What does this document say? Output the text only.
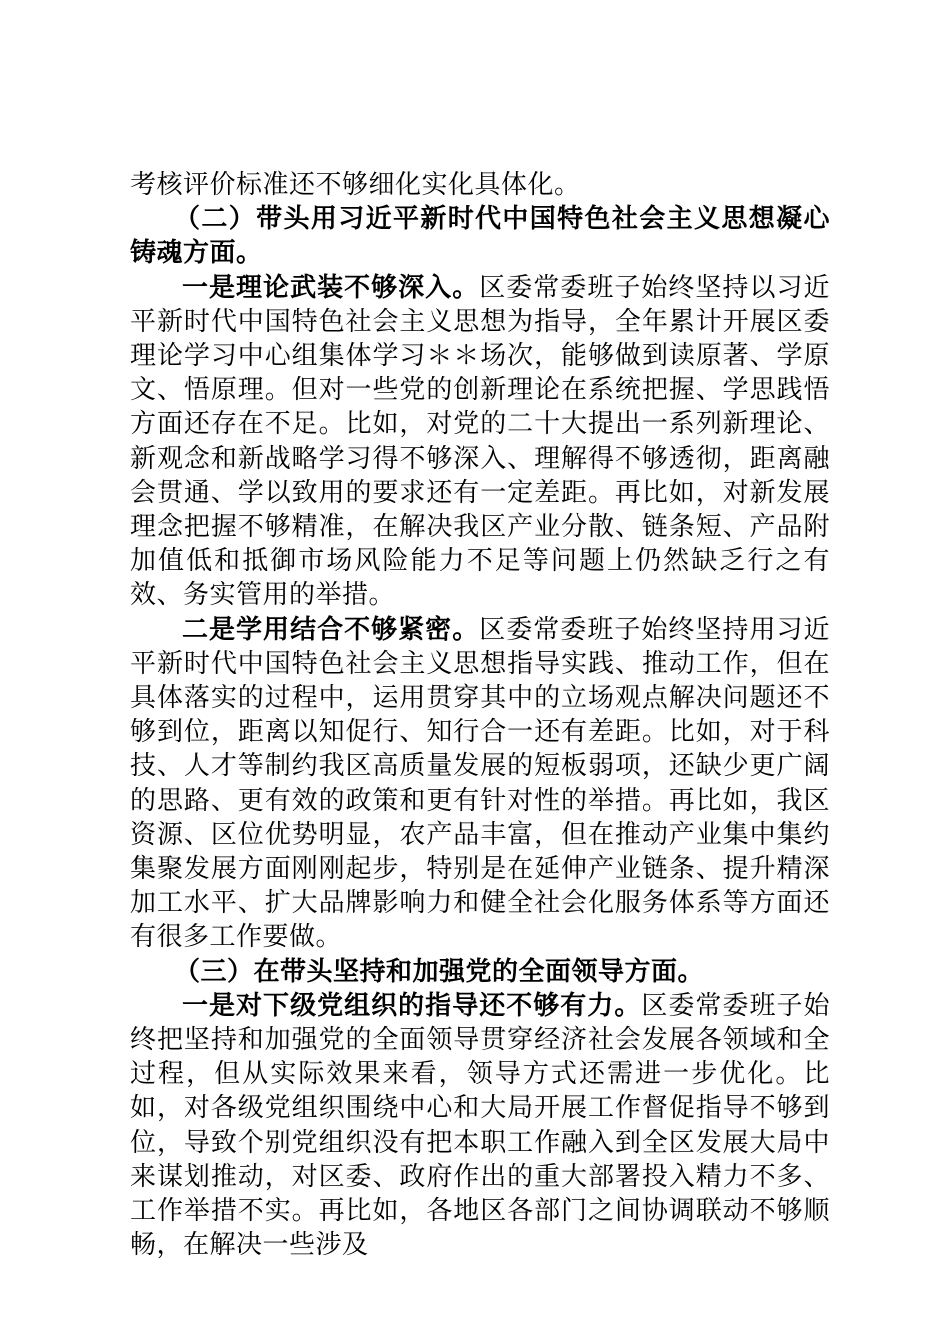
考核评价标准还不够细化实化具体化。

（二）带头用习近平新时代中国特色社会主义思想凝心铸魂方面。

一是理论武装不够深入。区委常委班子始终坚持以习近平新时代中国特色社会主义思想为指导，全年累计开展区委理论学习中心组集体学习＊＊场次，能够做到读原著、学原文、悟原理。但对一些党的创新理论在系统把握、学思践悟方面还存在不足。比如，对党的二十大提出一系列新理论、新观念和新战略学习得不够深入、理解得不够透彻，距离融会贯通、学以致用的要求还有一定差距。再比如，对新发展理念把握不够精准，在解决我区产业分散、链条短、产品附加值低和抵御市场风险能力不足等问题上仍然缺乏行之有效、务实管用的举措。

二是学用结合不够紧密。区委常委班子始终坚持用习近平新时代中国特色社会主义思想指导实践、推动工作，但在具体落实的过程中，运用贯穿其中的立场观点解决问题还不够到位，距离以知促行、知行合一还有差距。比如，对于科技、人才等制约我区高质量发展的短板弱项，还缺少更广阔的思路、更有效的政策和更有针对性的举措。再比如，我区资源、区位优势明显，农产品丰富，但在推动产业集中集约集聚发展方面刚刚起步，特别是在延伸产业链条、提升精深加工水平、扩大品牌影响力和健全社会化服务体系等方面还有很多工作要做。

（三）在带头坚持和加强党的全面领导方面。

一是对下级党组织的指导还不够有力。区委常委班子始终把坚持和加强党的全面领导贯穿经济社会发展各领域和全过程，但从实际效果来看，领导方式还需进一步优化。比如，对各级党组织围绕中心和大局开展工作督促指导不够到位，导致个别党组织没有把本职工作融入到全区发展大局中来谋划推动，对区委、政府作出的重大部署投入精力不多、工作举措不实。再比如，各地区各部门之间协调联动不够顺畅，在解决一些涉及
